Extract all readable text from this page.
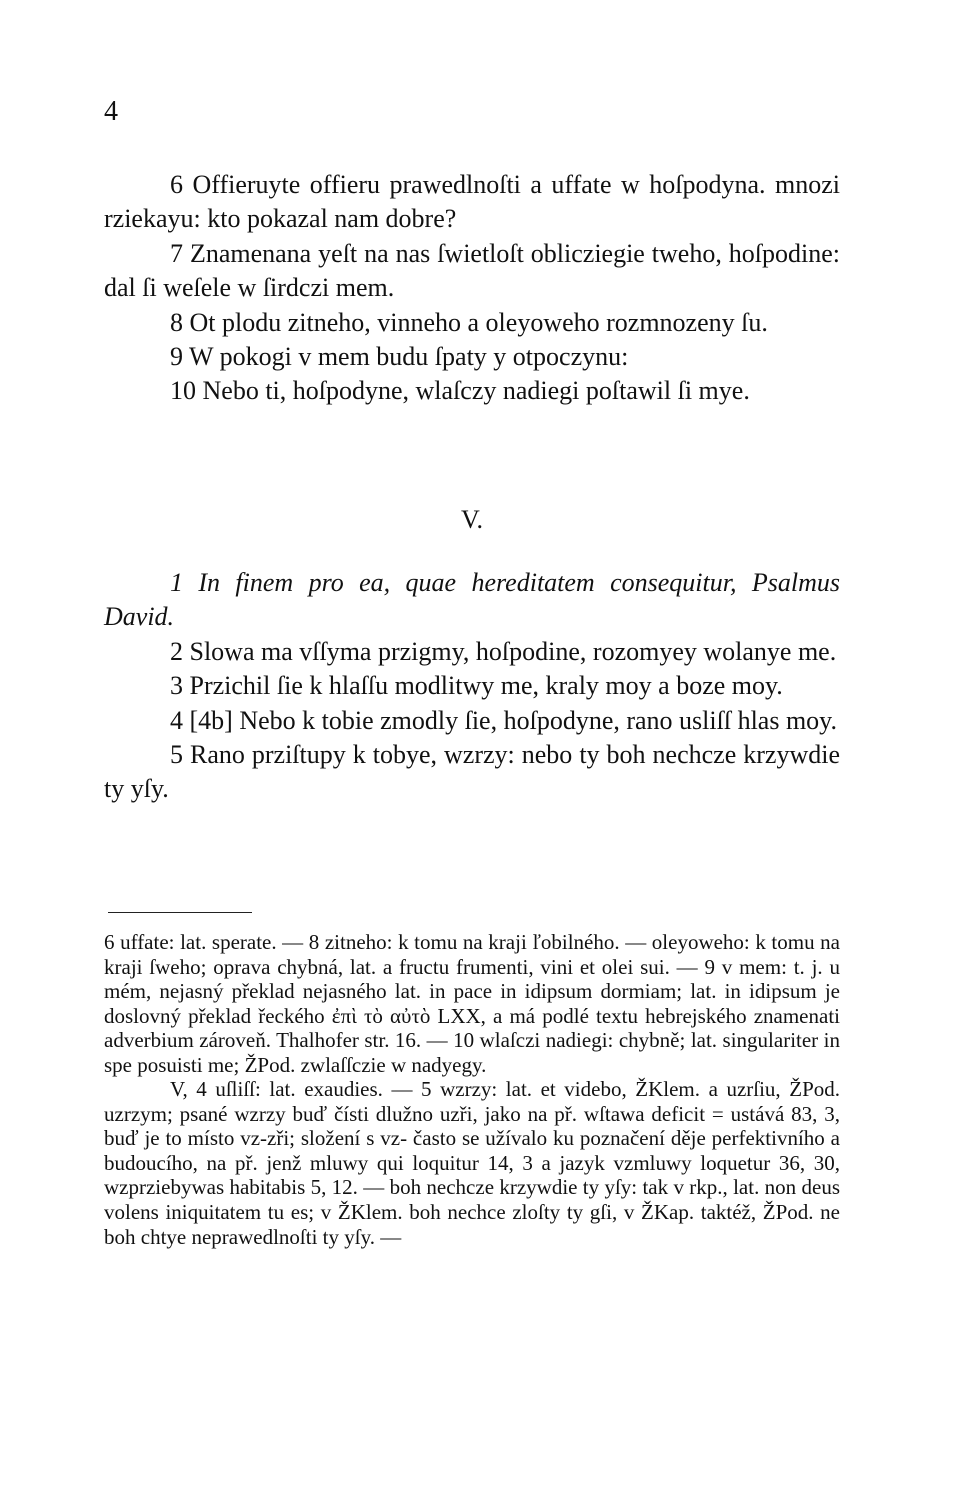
4

6 Offieruyte offieru prawedlnoſti a uffate w hoſpodyna. mnozi rziekayu: kto pokazal nam dobre?

7 Znamenana yeſt na nas ſwietloſt oblicziegie tweho, hoſpodine: dal ſi weſele w ſirdczi mem.

8 Ot plodu zitneho, vinneho a oleyoweho rozmnozeny ſu.

9 W pokogi v mem budu ſpaty y otpoczynu:

10 Nebo ti, hoſpodyne, wlaſczy nadiegi poſtawil ſi mye.

V.

1 In finem pro ea, quae hereditatem consequitur, Psalmus David.

2 Slowa ma vſſyma przigmy, hoſpodine, rozomyey wolanye me.

3 Przichil ſie k hlaſſu modlitwy me, kraly moy a boze moy.

4 [4b] Nebo k tobie zmodly ſie, hoſpodyne, rano usliſſ hlas moy.

5 Rano prziſtupy k tobye, wzrzy: nebo ty boh nechcze krzywdie ty yſy.

6 uffate: lat. sperate. — 8 zitneho: k tomu na kraji ľobilného. — oleyoweho: k tomu na kraji ſweho; oprava chybná, lat. a fructu frumenti, vini et olei sui. — 9 v mem: t. j. u mém, nejasný překlad nejasného lat. in pace in idipsum dormiam; lat. in idipsum je doslovný překlad řeckého ἐπὶ τὸ αὐτὸ LXX, a má podlé textu hebrejského znamenati adverbium zároveň. Thalhofer str. 16. — 10 wlaſczi nadiegi: chybně; lat. singulariter in spe posuisti me; ŽPod. zwlaſſczie w nadyegy.

V, 4 uſliſſ: lat. exaudies. — 5 wzrzy: lat. et videbo, ŽKlem. a uzrſiu, ŽPod. uzrzym; psané wzrzy buď čísti dlužno uzři, jako na př. wſtawa deficit = ustává 83, 3, buď je to místo vz-zři; složení s vz- často se užívalo ku poznačení děje perfektivního a budoucího, na př. jenž mluwy qui loquitur 14, 3 a jazyk vzmluwy loquetur 36, 30, wzprziebywas habitabis 5, 12. — boh nechcze krzywdie ty yſy: tak v rkp., lat. non deus volens iniquitatem tu es; v ŽKlem. boh nechce zloſty ty gſi, v ŽKap. taktéž, ŽPod. ne boh chtye neprawedlnoſti ty yſy. —
